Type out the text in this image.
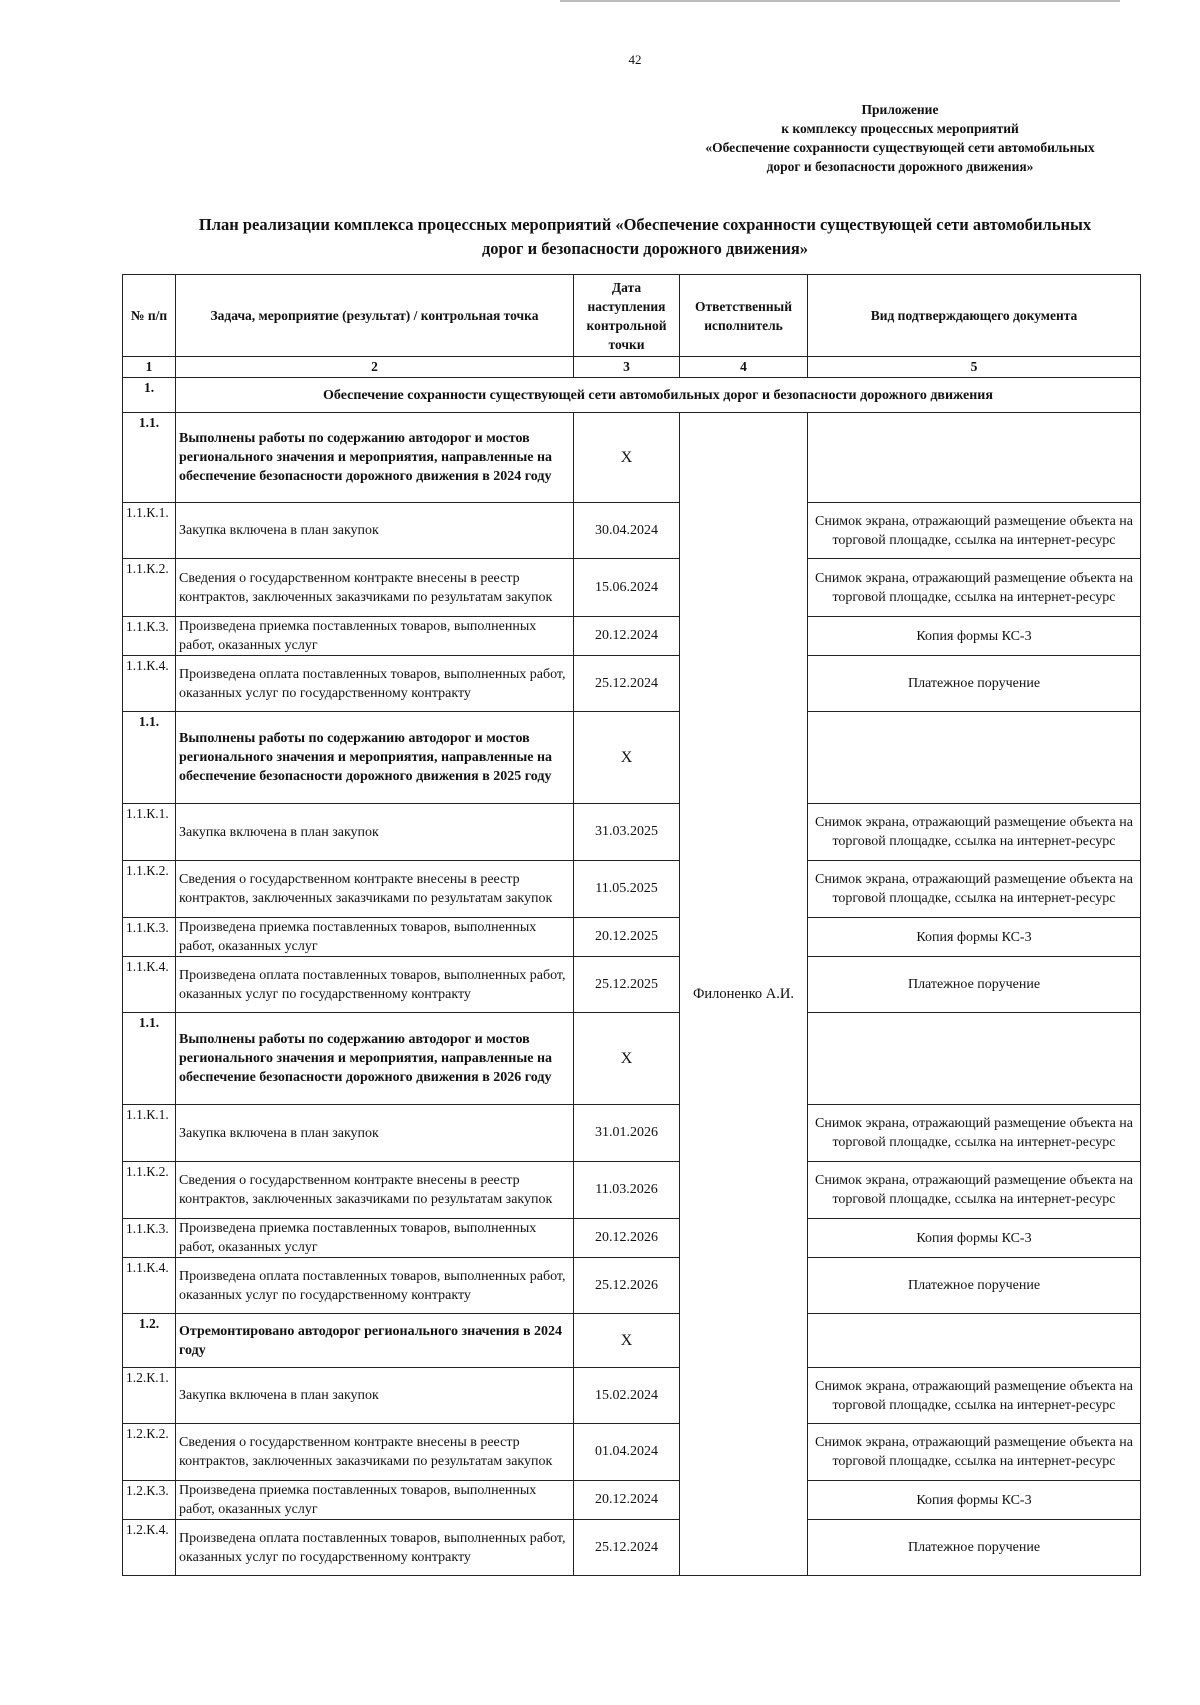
42
Приложение
к комплексу процессных мероприятий
«Обеспечение сохранности существующей сети автомобильных
дорог и безопасности дорожного движения»
План реализации комплекса процессных мероприятий «Обеспечение сохранности существующей сети автомобильных
дорог и безопасности дорожного движения»
№ п/п	Задача, мероприятие (результат) / контрольная точка	Дата наступления контрольной точки	Ответственный исполнитель	Вид подтверждающего документа
1	2	3	4	5
1.	Обеспечение сохранности существующей сети автомобильных дорог и безопасности дорожного движения			
1.1.	Выполнены работы по содержанию автодорог и мостов регионального значения и мероприятия, направленные на обеспечение безопасности дорожного движения в 2024 году	X	Филоненко А.И.	
1.1.К.1.	Закупка включена в план закупок	30.04.2024		Снимок экрана, отражающий размещение объекта на торговой площадке, ссылка на интернет-ресурс
1.1.К.2.	Сведения о государственном контракте внесены в реестр контрактов, заключенных заказчиками по результатам закупок	15.06.2024		Снимок экрана, отражающий размещение объекта на торговой площадке, ссылка на интернет-ресурс
1.1.К.3.	Произведена приемка поставленных товаров, выполненных работ, оказанных услуг	20.12.2024		Копия формы КС-3
1.1.К.4.	Произведена оплата поставленных товаров, выполненных работ, оказанных услуг по государственному контракту	25.12.2024		Платежное поручение
1.1.	Выполнены работы по содержанию автодорог и мостов регионального значения и мероприятия, направленные на обеспечение безопасности дорожного движения в 2025 году	X		
1.1.К.1.	Закупка включена в план закупок	31.03.2025		Снимок экрана, отражающий размещение объекта на торговой площадке, ссылка на интернет-ресурс
1.1.К.2.	Сведения о государственном контракте внесены в реестр контрактов, заключенных заказчиками по результатам закупок	11.05.2025		Снимок экрана, отражающий размещение объекта на торговой площадке, ссылка на интернет-ресурс
1.1.К.3.	Произведена приемка поставленных товаров, выполненных работ, оказанных услуг	20.12.2025		Копия формы КС-3
1.1.К.4.	Произведена оплата поставленных товаров, выполненных работ, оказанных услуг по государственному контракту	25.12.2025		Платежное поручение
1.1.	Выполнены работы по содержанию автодорог и мостов регионального значения и мероприятия, направленные на обеспечение безопасности дорожного движения в 2026 году	X		
1.1.К.1.	Закупка включена в план закупок	31.01.2026		Снимок экрана, отражающий размещение объекта на торговой площадке, ссылка на интернет-ресурс
1.1.К.2.	Сведения о государственном контракте внесены в реестр контрактов, заключенных заказчиками по результатам закупок	11.03.2026		Снимок экрана, отражающий размещение объекта на торговой площадке, ссылка на интернет-ресурс
1.1.К.3.	Произведена приемка поставленных товаров, выполненных работ, оказанных услуг	20.12.2026		Копия формы КС-3
1.1.К.4.	Произведена оплата поставленных товаров, выполненных работ, оказанных услуг по государственному контракту	25.12.2026		Платежное поручение
1.2.	Отремонтировано автодорог регионального значения в 2024 году	X		
1.2.К.1.	Закупка включена в план закупок	15.02.2024		Снимок экрана, отражающий размещение объекта на торговой площадке, ссылка на интернет-ресурс
1.2.К.2.	Сведения о государственном контракте внесены в реестр контрактов, заключенных заказчиками по результатам закупок	01.04.2024		Снимок экрана, отражающий размещение объекта на торговой площадке, ссылка на интернет-ресурс
1.2.К.3.	Произведена приемка поставленных товаров, выполненных работ, оказанных услуг	20.12.2024		Копия формы КС-3
1.2.К.4.	Произведена оплата поставленных товаров, выполненных работ, оказанных услуг по государственному контракту	25.12.2024		Платежное поручение
